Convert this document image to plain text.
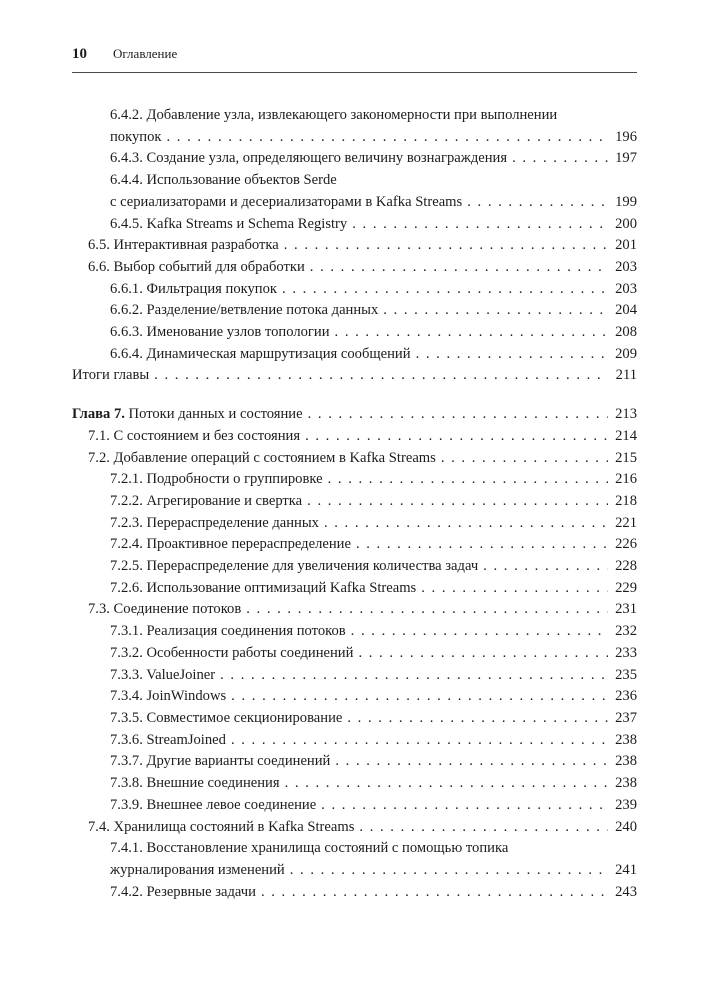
10 Оглавление
6.4.2. Добавление узла, извлекающего закономерности при выполнении
покупок . . .	196
6.4.3. Создание узла, определяющего величину вознаграждения . . .	197
6.4.4. Использование объектов Serde
с сериализаторами и десериализаторами в Kafka Streams . . .	199
6.4.5. Kafka Streams и Schema Registry . . .	200
6.5. Интерактивная разработка . . .	201
6.6. Выбор событий для обработки . . .	203
6.6.1. Фильтрация покупок . . .	203
6.6.2. Разделение/ветвление потока данных . . .	204
6.6.3. Именование узлов топологии . . .	208
6.6.4. Динамическая маршрутизация сообщений . . .	209
Итоги главы . . .	211
Глава 7. Потоки данных и состояние . . .	213
7.1. С состоянием и без состояния . . .	214
7.2. Добавление операций с состоянием в Kafka Streams . . .	215
7.2.1. Подробности о группировке . . .	216
7.2.2. Агрегирование и свертка . . .	218
7.2.3. Перераспределение данных . . .	221
7.2.4. Проактивное перераспределение . . .	226
7.2.5. Перераспределение для увеличения количества задач . . .	228
7.2.6. Использование оптимизаций Kafka Streams . . .	229
7.3. Соединение потоков . . .	231
7.3.1. Реализация соединения потоков . . .	232
7.3.2. Особенности работы соединений . . .	233
7.3.3. ValueJoiner . . .	235
7.3.4. JoinWindows . . .	236
7.3.5. Совместимое секционирование . . .	237
7.3.6. StreamJoined . . .	238
7.3.7. Другие варианты соединений . . .	238
7.3.8. Внешние соединения . . .	238
7.3.9. Внешнее левое соединение . . .	239
7.4. Хранилища состояний в Kafka Streams . . .	240
7.4.1. Восстановление хранилища состояний с помощью топика
журналирования изменений . . .	241
7.4.2. Резервные задачи . . .	243
